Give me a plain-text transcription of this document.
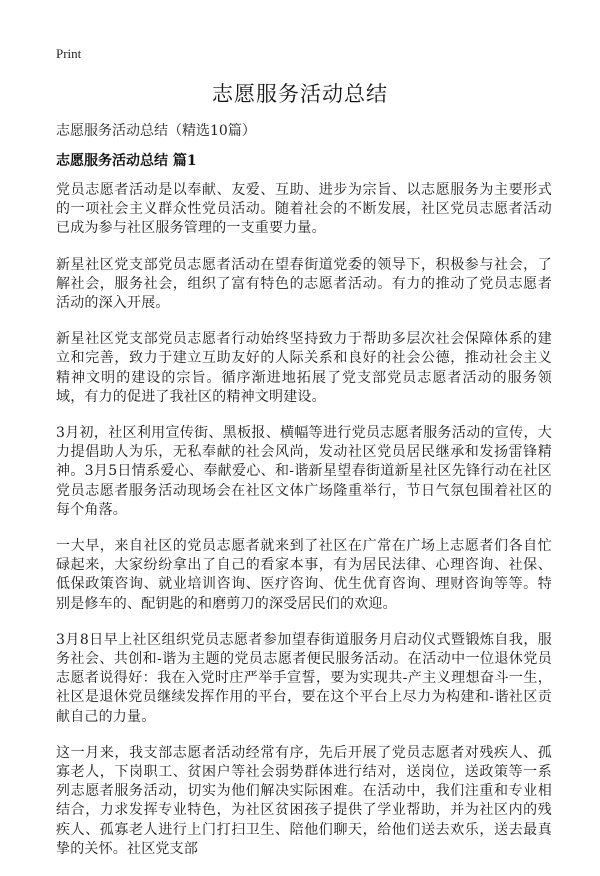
Print
志愿服务活动总结
志愿服务活动总结（精选10篇）
志愿服务活动总结 篇1

党员志愿者活动是以奉献、友爱、互助、进步为宗旨、以志愿服务为主要形式的一项社会主义群众性党员活动。随着社会的不断发展，社区党员志愿者活动已成为参与社区服务管理的一支重要力量。

新星社区党支部党员志愿者活动在望春街道党委的领导下，积极参与社会，了解社会，服务社会，组织了富有特色的志愿者活动。有力的推动了党员志愿者活动的深入开展。

新星社区党支部党员志愿者行动始终坚持致力于帮助多层次社会保障体系的建立和完善，致力于建立互助友好的人际关系和良好的社会公德，推动社会主义精神文明的建设的宗旨。循序渐进地拓展了党支部党员志愿者活动的服务领域，有力的促进了我社区的精神文明建设。

3月初，社区利用宣传街、黑板报、横幅等进行党员志愿者服务活动的宣传，大力提倡助人为乐，无私奉献的社会风尚，发动社区党员居民继承和发扬雷锋精神。3月5日情系爱心、奉献爱心、和-谐新星望春街道新星社区先锋行动在社区党员志愿者服务活动现场会在社区文体广场隆重举行，节日气氛包围着社区的每个角落。

一大早，来自社区的党员志愿者就来到了社区在广常在广场上志愿者们各自忙碌起来，大家纷纷拿出了自己的看家本事，有为居民法律、心理咨询、社保、低保政策咨询、就业培训咨询、医疗咨询、优生优育咨询、理财咨询等等。特别是修车的、配钥匙的和磨剪刀的深受居民们的欢迎。

3月8日早上社区组织党员志愿者参加望春街道服务月启动仪式暨锻炼自我，服务社会、共创和-谐为主题的党员志愿者便民服务活动。在活动中一位退休党员志愿者说得好：我在入党时庄严举手宣誓，要为实现共-产主义理想奋斗一生，社区是退休党员继续发挥作用的平台，要在这个平台上尽力为构建和-谐社区贡献自己的力量。

这一月来，我支部志愿者活动经常有序，先后开展了党员志愿者对残疾人、孤寡老人，下岗职工、贫困户等社会弱势群体进行结对，送岗位，送政策等一系列志愿者服务活动，切实为他们解决实际困难。在活动中，我们注重和专业相结合，力求发挥专业特色，为社区贫困孩子提供了学业帮助，并为社区内的残疾人、孤寡老人进行上门打扫卫生、陪他们聊天，给他们送去欢乐，送去最真挚的关怀。社区党支部
